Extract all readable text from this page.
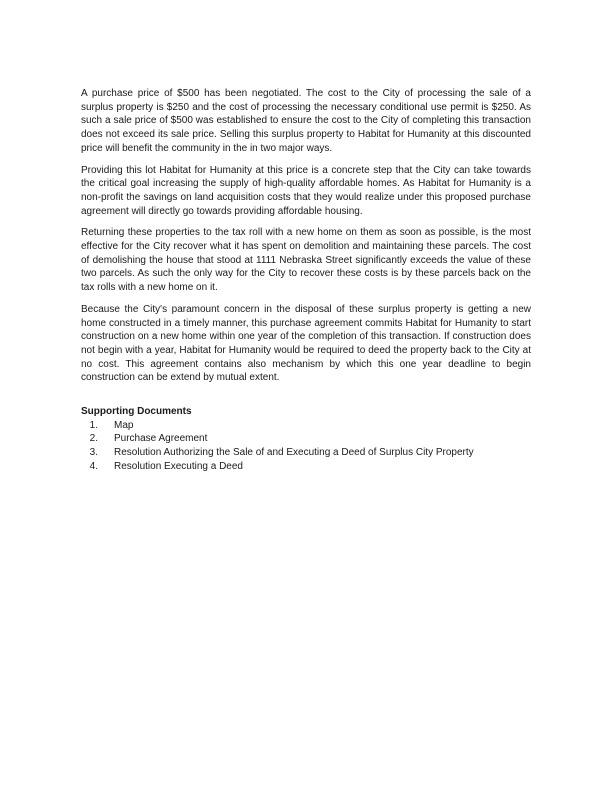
A purchase price of $500 has been negotiated. The cost to the City of processing the sale of a surplus property is $250 and the cost of processing the necessary conditional use permit is $250. As such a sale price of $500 was established to ensure the cost to the City of completing this transaction does not exceed its sale price. Selling this surplus property to Habitat for Humanity at this discounted price will benefit the community in the in two major ways.

Providing this lot Habitat for Humanity at this price is a concrete step that the City can take towards the critical goal increasing the supply of high-quality affordable homes. As Habitat for Humanity is a non-profit the savings on land acquisition costs that they would realize under this proposed purchase agreement will directly go towards providing affordable housing.

Returning these properties to the tax roll with a new home on them as soon as possible, is the most effective for the City recover what it has spent on demolition and maintaining these parcels. The cost of demolishing the house that stood at 1111 Nebraska Street significantly exceeds the value of these two parcels. As such the only way for the City to recover these costs is by these parcels back on the tax rolls with a new home on it.

Because the City's paramount concern in the disposal of these surplus property is getting a new home constructed in a timely manner, this purchase agreement commits Habitat for Humanity to start construction on a new home within one year of the completion of this transaction. If construction does not begin with a year, Habitat for Humanity would be required to deed the property back to the City at no cost. This agreement contains also mechanism by which this one year deadline to begin construction can be extend by mutual extent.

Supporting Documents
1. Map
2. Purchase Agreement
3. Resolution Authorizing the Sale of and Executing a Deed of Surplus City Property
4. Resolution Executing a Deed
